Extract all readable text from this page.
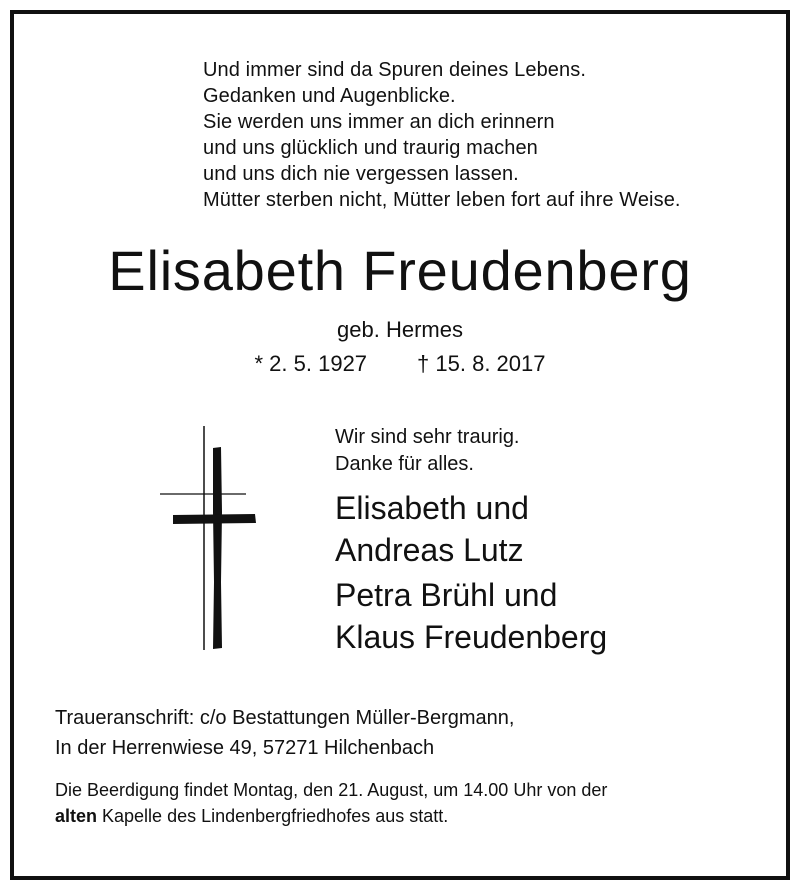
Und immer sind da Spuren deines Lebens.
Gedanken und Augenblicke.
Sie werden uns immer an dich erinnern
und uns glücklich und traurig machen
und uns dich nie vergessen lassen.
Mütter sterben nicht, Mütter leben fort auf ihre Weise.
Elisabeth Freudenberg
geb. Hermes
* 2. 5. 1927 † 15. 8. 2017
Wir sind sehr traurig.
Danke für alles.
Elisabeth und
Andreas Lutz
Petra Brühl und
Klaus Freudenberg
Traueranschrift: c/o Bestattungen Müller-Bergmann,
In der Herrenwiese 49, 57271 Hilchenbach
Die Beerdigung findet Montag, den 21. August, um 14.00 Uhr von der
alten Kapelle des Lindenbergfriedhofes aus statt.
